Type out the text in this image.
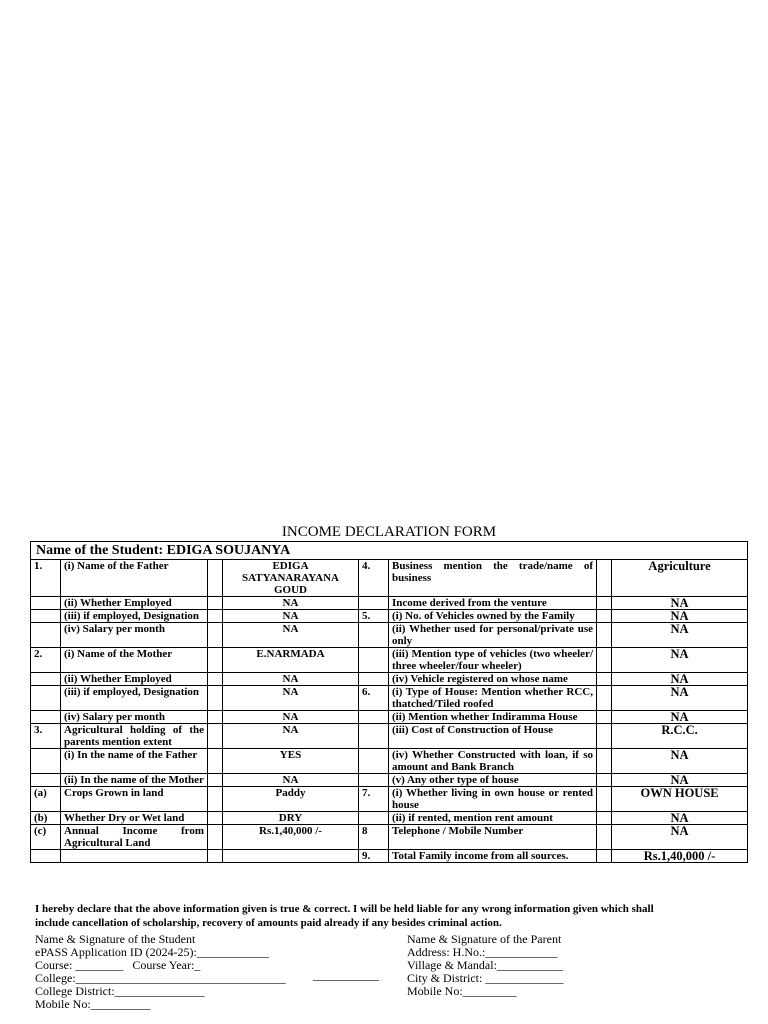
INCOME DECLARATION FORM
Name of the Student: EDIGA SOUJANYA							
1.	(i) Name of the Father		EDIGA SATYANARAYANA GOUD	4.	Business mention the trade/name of business		Agriculture
	(ii) Whether Employed		NA		Income derived from the venture		NA
	(iii) if employed, Designation		NA	5.	(i) No. of Vehicles owned by the Family		NA
	(iv) Salary per month		NA		(ii) Whether used for personal/private use only		NA
2.	(i) Name of the Mother		E.NARMADA		(iii) Mention type of vehicles (two wheeler/ three wheeler/four wheeler)		NA
	(ii) Whether Employed		NA		(iv) Vehicle registered on whose name		NA
	(iii) if employed, Designation		NA	6.	(i) Type of House: Mention whether RCC, thatched/Tiled roofed		NA
	(iv) Salary per month		NA		(ii) Mention whether Indiramma House		NA
3.	Agricultural holding of the parents mention extent		NA		(iii) Cost of Construction of House		R.C.C.
	(i) In the name of the Father		YES		(iv) Whether Constructed with loan, if so amount and Bank Branch		NA
	(ii) In the name of the Mother		NA		(v) Any other type of house		NA
(a)	Crops Grown in land		Paddy	7.	(i) Whether living in own house or rented house		OWN HOUSE
(b)	Whether Dry or Wet land		DRY		(ii) if rented, mention rent amount		NA
(c)	Annual Income from Agricultural Land		Rs.1,40,000 /-	8	Telephone / Mobile Number		NA
				9.	Total Family income from all sources.		Rs.1,40,000 /-
I hereby declare that the above information given is true & correct. I will be held liable for any wrong information given which shall include cancellation of scholarship, recovery of amounts paid already if any besides criminal action.
Name & Signature of the Student
ePASS Application ID (2024-25):____________
Course: ________   Course Year:_
College:___________________________________
College District:_______________
Mobile No:__________
___________
Name & Signature of the Parent
Address: H.No.:____________
Village & Mandal:___________
City & District: _____________
Mobile No:_________
